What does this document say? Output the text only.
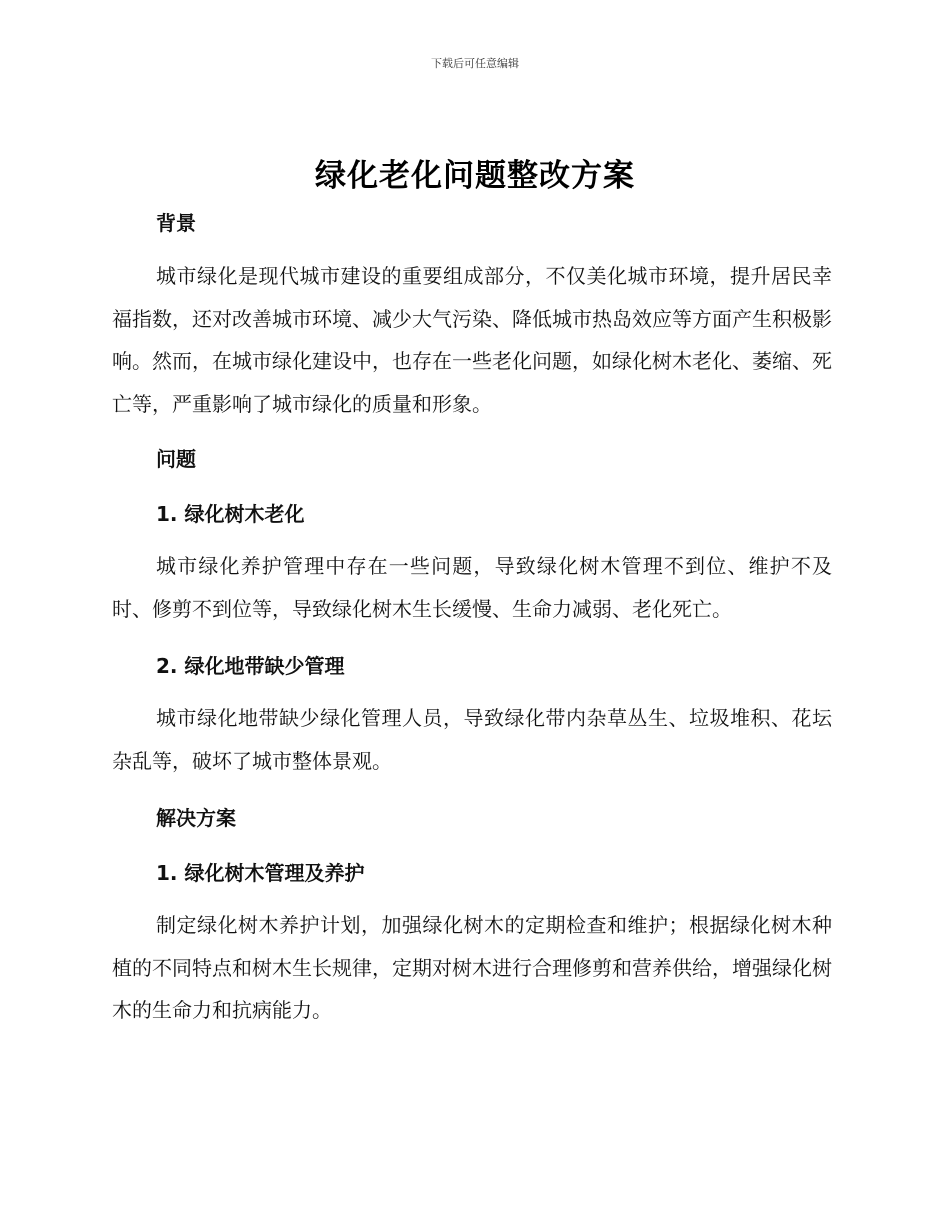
下载后可任意编辑
绿化老化问题整改方案
背景
城市绿化是现代城市建设的重要组成部分，不仅美化城市环境，提升居民幸福指数，还对改善城市环境、减少大气污染、降低城市热岛效应等方面产生积极影响。然而，在城市绿化建设中，也存在一些老化问题，如绿化树木老化、萎缩、死亡等，严重影响了城市绿化的质量和形象。
问题
1. 绿化树木老化
城市绿化养护管理中存在一些问题，导致绿化树木管理不到位、维护不及时、修剪不到位等，导致绿化树木生长缓慢、生命力减弱、老化死亡。
2. 绿化地带缺少管理
城市绿化地带缺少绿化管理人员，导致绿化带内杂草丛生、垃圾堆积、花坛杂乱等，破坏了城市整体景观。
解决方案
1. 绿化树木管理及养护
制定绿化树木养护计划，加强绿化树木的定期检查和维护；根据绿化树木种植的不同特点和树木生长规律，定期对树木进行合理修剪和营养供给，增强绿化树木的生命力和抗病能力。
